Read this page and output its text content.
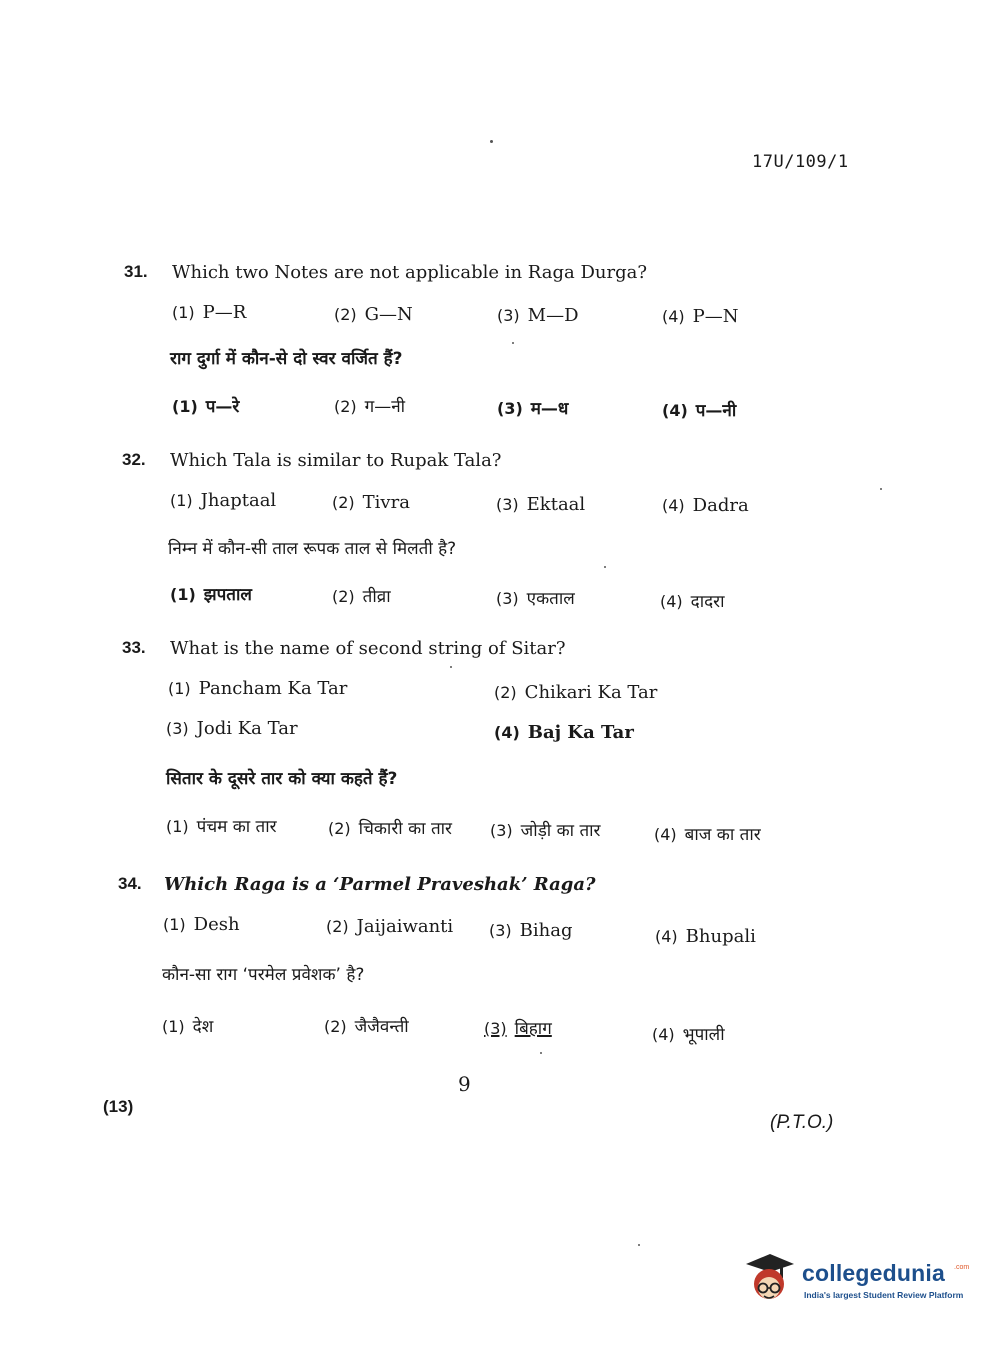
17U/109/1
31. Which two Notes are not applicable in Raga Durga?
(1) P—R	(2) G—N	(3) M—D	(4) P—N
राग दुर्गा में कौन-से दो स्वर वर्जित हैं?
(1) प—रे	(2) ग—नी	(3) म—ध	(4) प—नी
32. Which Tala is similar to Rupak Tala?
(1) Jhaptaal	(2) Tivra	(3) Ektaal	(4) Dadra
निम्न में कौन-सी ताल रूपक ताल से मिलती है?
(1) झपताल	(2) तीव्रा	(3) एकताल	(4) दादरा
33. What is the name of second string of Sitar?
(1) Pancham Ka Tar	(2) Chikari Ka Tar
(3) Jodi Ka Tar	(4) Baj Ka Tar
सितार के दूसरे तार को क्या कहते हैं?
(1) पंचम का तार	(2) चिकारी का तार (3) जोड़ी का तार	(4) बाज का तार
34. Which Raga is a ‘Parmel Praveshak’ Raga?
(1) Desh	(2) Jaijaiwanti (3) Bihag	(4) Bhupali
कौन-सा राग ‘परमेल प्रवेशक’ है?
(1) देश	(2) जैजैवन्ती	(3) बिहाग	(4) भूपाली
9
(13)
(P.T.O.)
collegedunia .com
India's largest Student Review Platform
